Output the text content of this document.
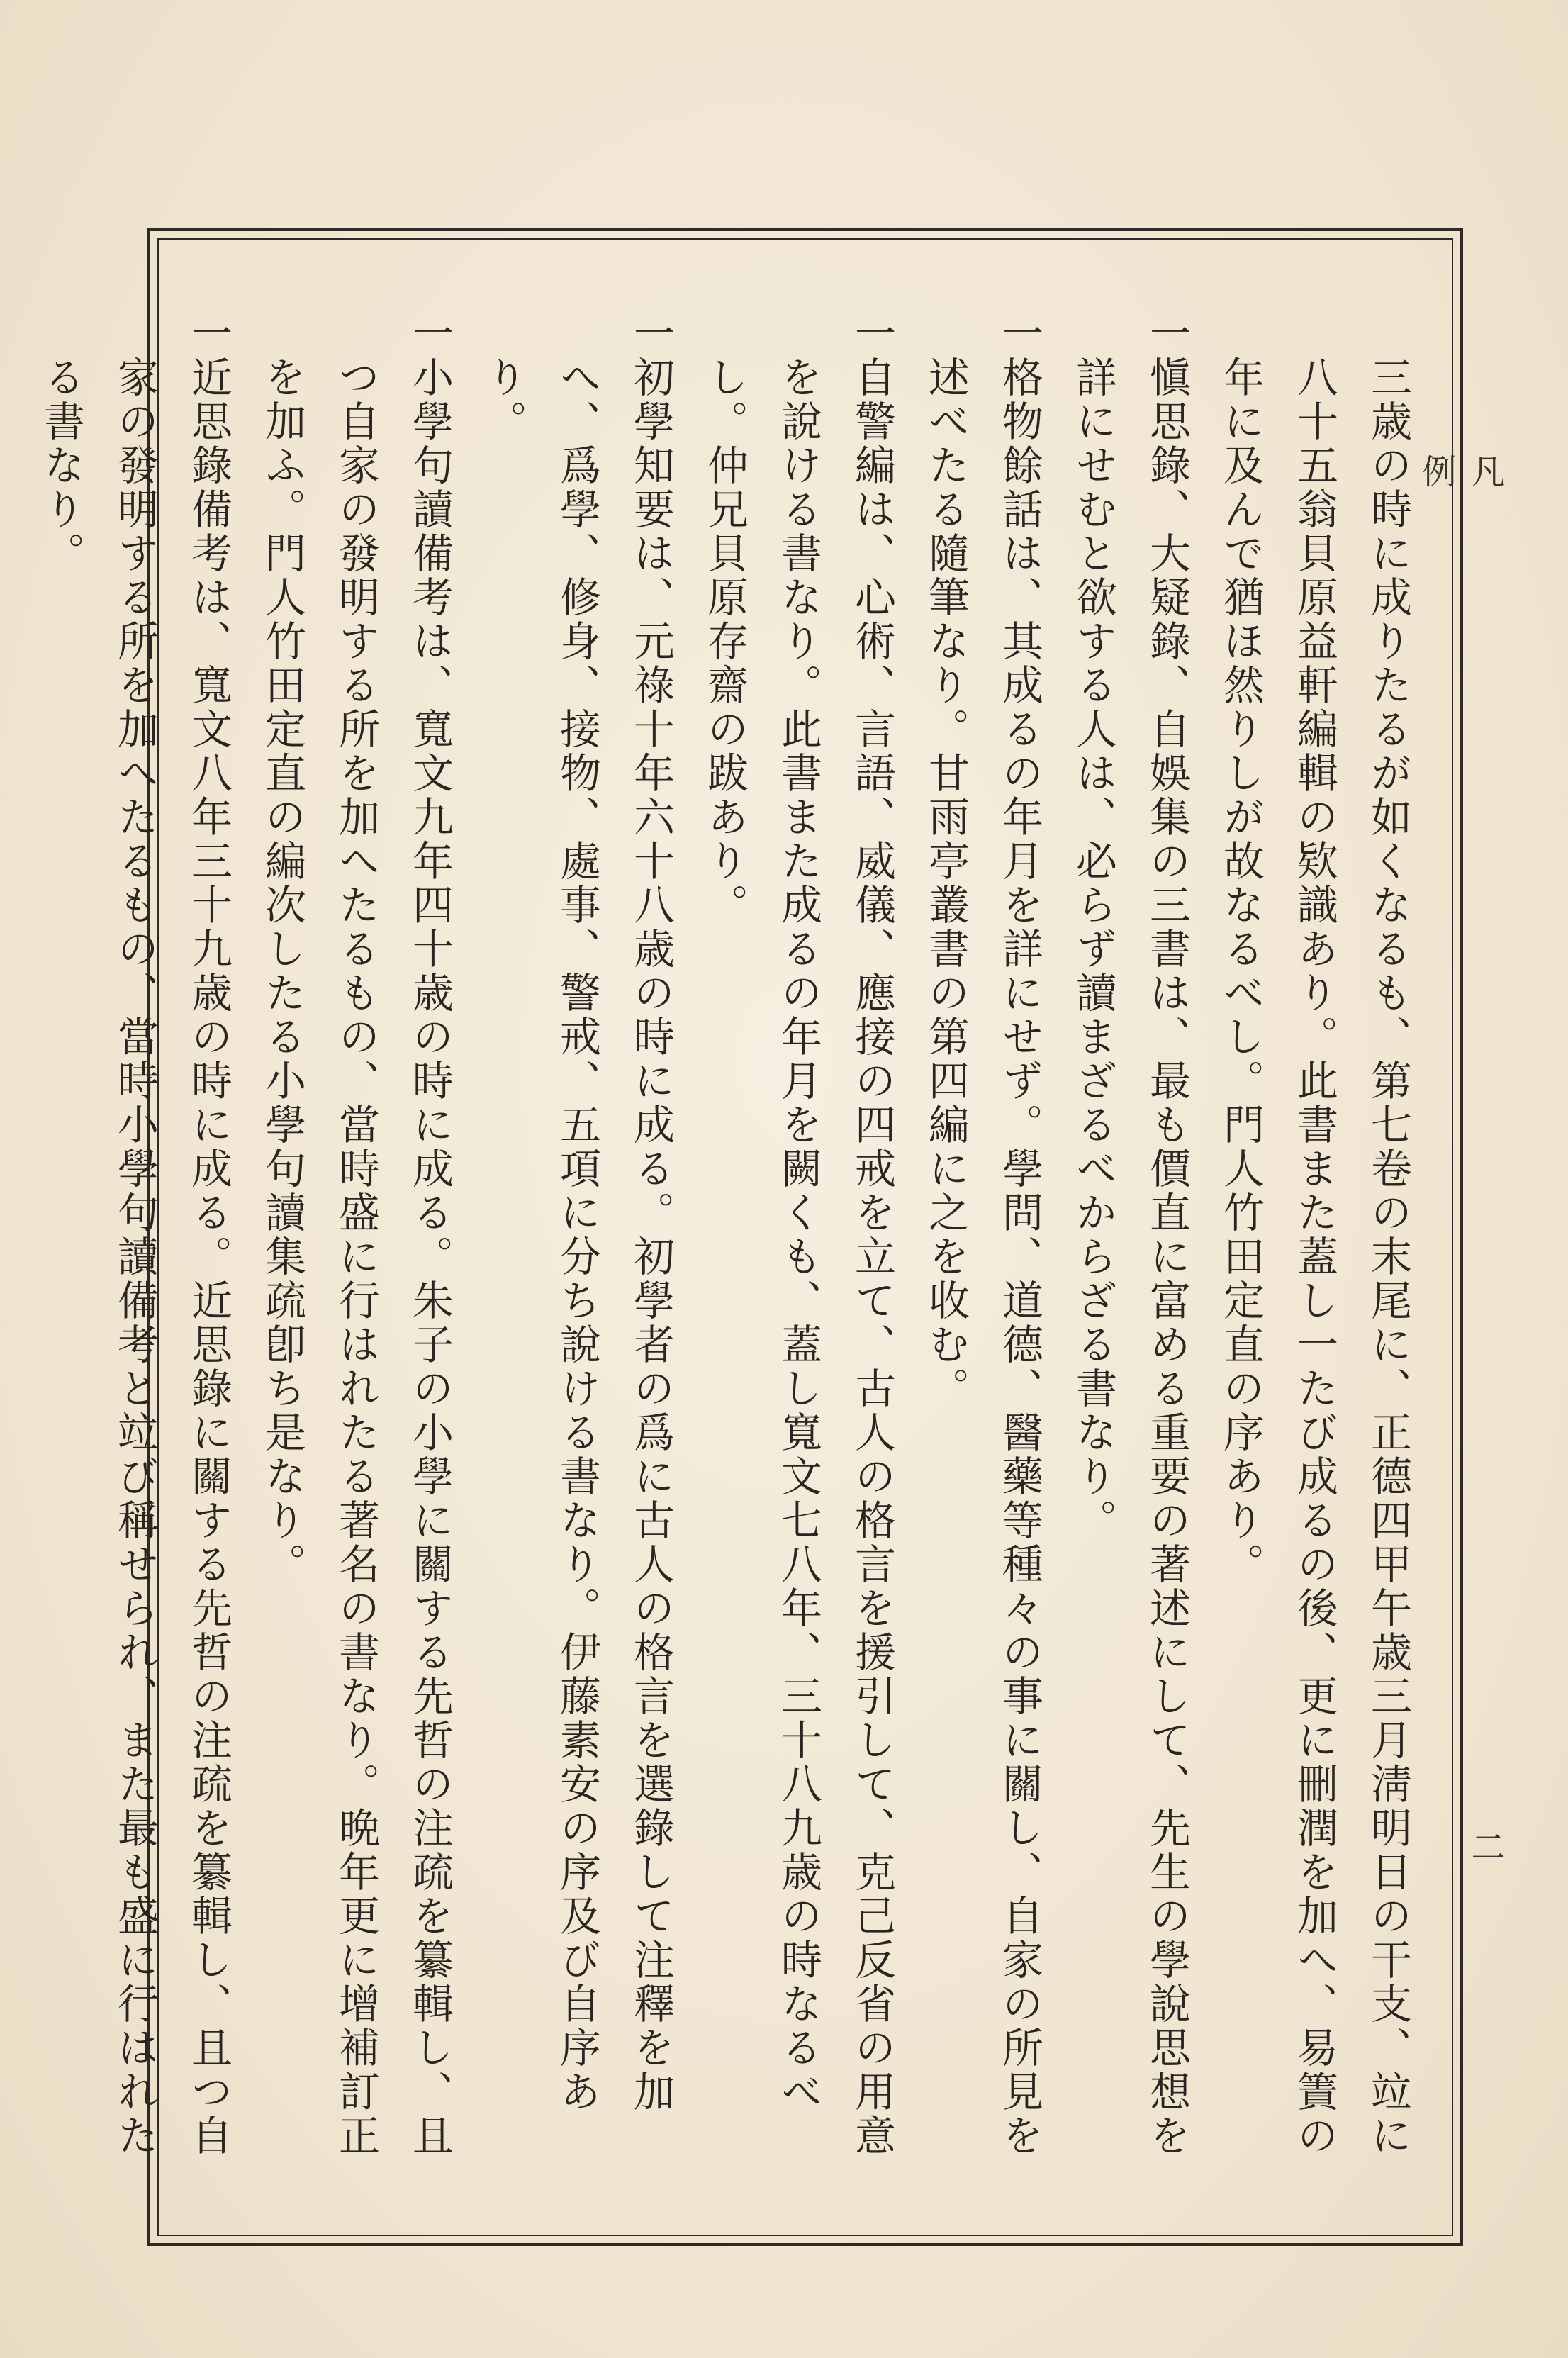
凡　例
二

三歳の時に成りたるが如くなるも、第七卷の末尾に、正德四甲午歳三月淸明日の干支、竝に八十五翁貝原益軒編輯の欵識あり。此書また蓋し一たび成るの後、更に刪潤を加へ、易簀の年に及んで猶ほ然りしが故なるべし。門人竹田定直の序あり。

一愼思錄、大疑錄、自娛集の三書は、最も價直に富める重要の著述にして、先生の學說思想を詳にせむと欲する人は、必らず讀まざるべからざる書なり。

一格物餘話は、其成るの年月を詳にせず。學問、道德、醫藥等種々の事に關し、自家の所見を述べたる隨筆なり。甘雨亭叢書の第四編に之を收む。

一自警編は、心術、言語、威儀、應接の四戒を立て、古人の格言を援引して、克己反省の用意を說ける書なり。此書また成るの年月を闕くも、蓋し寬文七八年、三十八九歳の時なるべし。仲兄貝原存齋の跋あり。

一初學知要は、元祿十年六十八歳の時に成る。初學者の爲に古人の格言を選錄して注釋を加へ、爲學、修身、接物、處事、警戒、五項に分ち說ける書なり。伊藤素安の序及び自序あり。

一小學句讀備考は、寬文九年四十歳の時に成る。朱子の小學に關する先哲の注疏を纂輯し、且つ自家の發明する所を加へたるもの、當時盛に行はれたる著名の書なり。晩年更に增補訂正を加ふ。門人竹田定直の編次したる小學句讀集疏卽ち是なり。

一近思錄備考は、寬文八年三十九歳の時に成る。近思錄に關する先哲の注疏を纂輯し、且つ自家の發明する所を加へたるもの、當時小學句讀備考と竝び稱せられ、また最も盛に行はれたる書なり。
